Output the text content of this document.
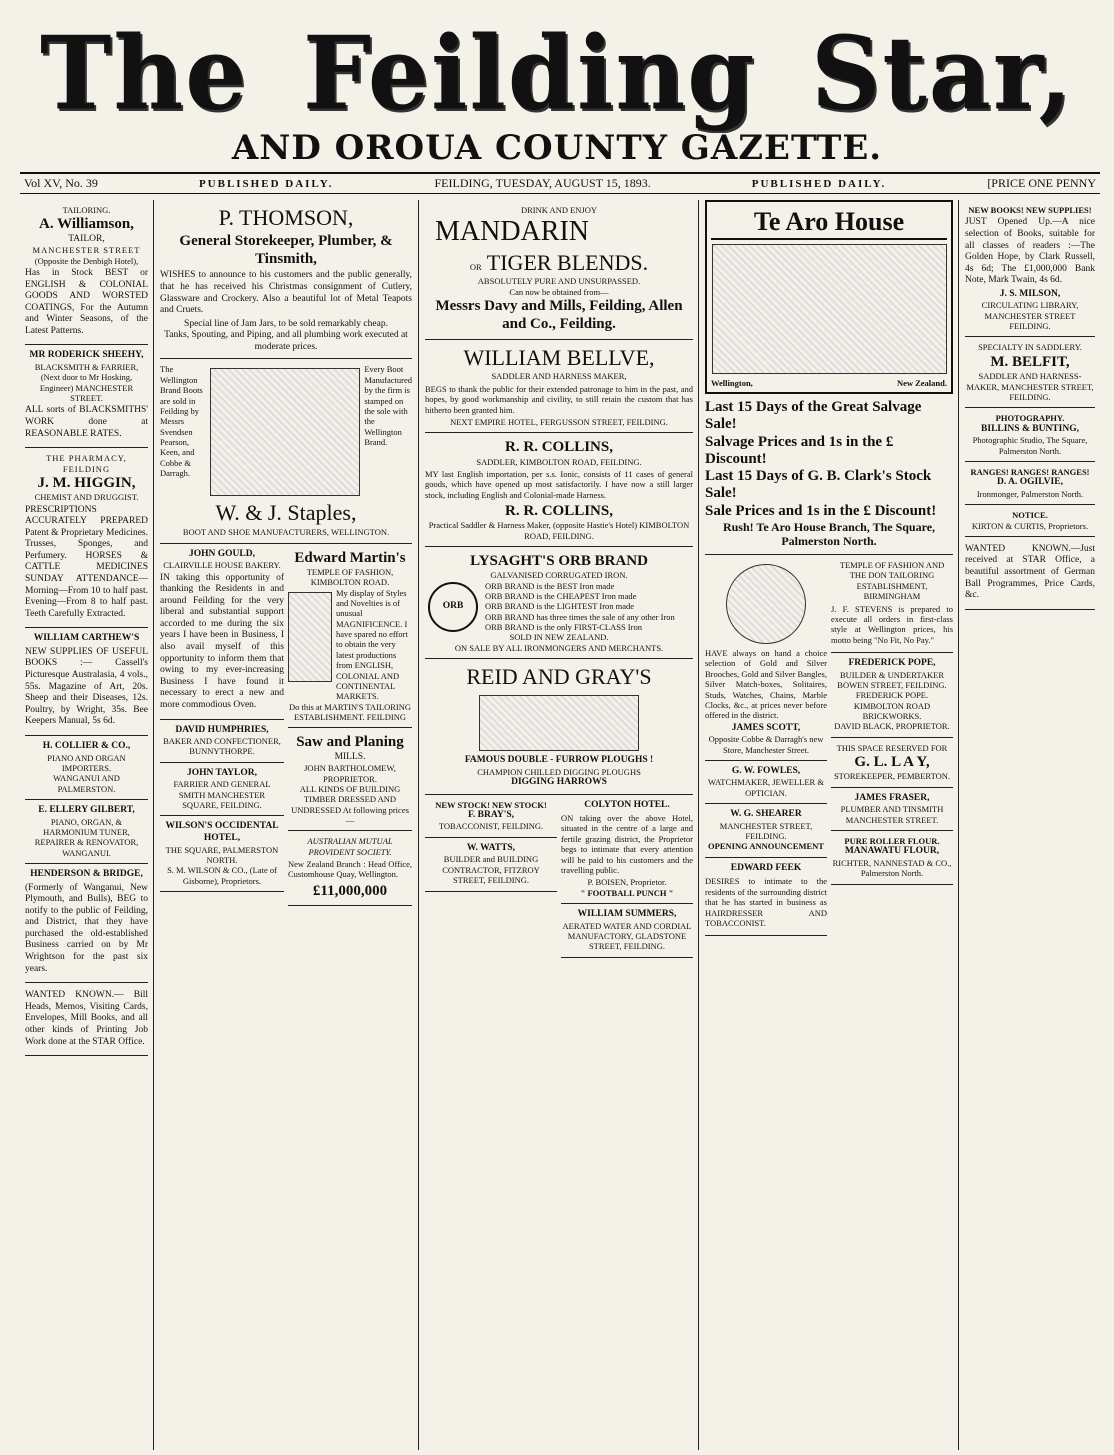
The Feilding Star,
AND OROUA COUNTY GAZETTE.
Vol XV, No. 39	PUBLISHED DAILY.	FEILDING, TUESDAY, AUGUST 15, 1893.	PUBLISHED DAILY.	[PRICE ONE PENNY
TAILORING.
A. Williamson,
TAILOR,
MANCHESTER STREET
(Opposite the Denbigh Hotel),

Has in Stock BEST or ENGLISH & COLONIAL GOODS AND WORSTED COATINGS, For the Autumn and Winter Seasons, of the Latest Patterns.

MR RODERICK SHEEHY,
BLACKSMITH & FARRIER,
(Next door to Mr Hosking, Engineer) MANCHESTER STREET.

ALL sorts of BLACKSMITHS' WORK done at REASONABLE RATES.

THE PHARMACY, FEILDING
J. M. HIGGIN,
CHEMIST AND DRUGGIST.

PRESCRIPTIONS ACCURATELY PREPARED Patent & Proprietary Medicines. Trusses, Sponges, and Perfumery. HORSES & CATTLE MEDICINES SUNDAY ATTENDANCE—Morning—From 10 to half past. Evening—From 8 to half past. Teeth Carefully Extracted.

WILLIAM CARTHEW'S

NEW SUPPLIES OF USEFUL BOOKS :— Cassell's Picturesque Australasia, 4 vols., 55s. Magazine of Art, 20s. Sheep and their Diseases, 12s. Poultry, by Wright, 35s. Bee Keepers Manual, 5s 6d.

H. COLLIER & CO.,
PIANO AND ORGAN IMPORTERS.
WANGANUI AND PALMERSTON.
E. ELLERY GILBERT,
PIANO, ORGAN, & HARMONIUM TUNER, REPAIRER & RENOVATOR, WANGANUI.
HENDERSON & BRIDGE,

(Formerly of Wanganui, New Plymouth, and Bulls), BEG to notify to the public of Feilding, and District, that they have purchased the old-established Business carried on by Mr Wrightson for the past six years.

WANTED KNOWN.— Bill Heads, Memos, Visiting Cards, Envelopes, Mill Books, and all other kinds of Printing Job Work done at the STAR Office.

P. THOMSON,
General Storekeeper, Plumber, & Tinsmith,

WISHES to announce to his customers and the public generally, that he has received his Christmas consignment of Cutlery, Glassware and Crockery. Also a beautiful lot of Metal Teapots and Cruets.

Special line of Jam Jars, to be sold remarkably cheap.
Tanks, Spouting, and Piping, and all plumbing work executed at moderate prices.
The Wellington Brand Boots are sold in Feilding by Messrs Svendsen Pearson, Keen, and Cobbe & Darragh.
Every Boot Manufactured by the firm is stamped on the sole with the Wellington Brand.
W. & J. Staples,
BOOT AND SHOE MANUFACTURERS, WELLINGTON.
JOHN GOULD,
CLAIRVILLE HOUSE BAKERY.

IN taking this opportunity of thanking the Residents in and around Feilding for the very liberal and substantial support accorded to me during the six years I have been in Business, I also avail myself of this opportunity to inform them that owing to my ever-increasing Business I have found it necessary to erect a new and more commodious Oven.

DAVID HUMPHRIES,
BAKER AND CONFECTIONER, BUNNYTHORPE.
JOHN TAYLOR,
FARRIER AND GENERAL SMITH MANCHESTER SQUARE, FEILDING.
WILSON'S OCCIDENTAL HOTEL,
THE SQUARE, PALMERSTON NORTH.
S. M. WILSON & CO., (Late of Gisborne), Proprietors.
Edward Martin's
TEMPLE OF FASHION, KIMBOLTON ROAD.
My display of Styles and Novelties is of unusual MAGNIFICENCE. I have spared no effort to obtain the very latest productions from ENGLISH, COLONIAL AND CONTINENTAL MARKETS.
Do this at MARTIN'S TAILORING ESTABLISHMENT. FEILDING
Saw and Planing
MILLS.
JOHN BARTHOLOMEW, PROPRIETOR.
ALL KINDS OF BUILDING TIMBER DRESSED AND UNDRESSED At following prices—
AUSTRALIAN MUTUAL PROVIDENT SOCIETY.

New Zealand Branch : Head Office, Customhouse Quay, Wellington.

£11,000,000
DRINK AND ENJOY
MANDARIN
OR TIGER BLENDS.
ABSOLUTELY PURE AND UNSURPASSED.
Can now be obtained from—
Messrs Davy and Mills, Feilding, Allen and Co., Feilding.
WILLIAM BELLVE,
SADDLER AND HARNESS MAKER,

BEGS to thank the public for their extended patronage to him in the past, and hopes, by good workmanship and civility, to still retain the custom that has hitherto been granted him.

NEXT EMPIRE HOTEL, FERGUSSON STREET, FEILDING.
R. R. COLLINS,
SADDLER, KIMBOLTON ROAD, FEILDING.

MY last English importation, per s.s. Ionic, consists of 11 cases of general goods, which have opened up most satisfactorily. I have now a still larger stock, including English and Colonial-made Harness.

R. R. COLLINS,
Practical Saddler & Harness Maker, (opposite Hastie's Hotel) KIMBOLTON ROAD, FEILDING.
LYSAGHT'S ORB BRAND
GALVANISED CORRUGATED IRON.
ORB

ORB BRAND is the BEST Iron made

ORB BRAND is the CHEAPEST Iron made

ORB BRAND is the LIGHTEST Iron made

ORB BRAND has three times the sale of any other Iron

ORB BRAND is the only FIRST-CLASS Iron

SOLD IN NEW ZEALAND.
ON SALE BY ALL IRONMONGERS AND MERCHANTS.
REID AND GRAY'S
FAMOUS DOUBLE - FURROW PLOUGHS !
CHAMPION CHILLED DIGGING PLOUGHS
DIGGING HARROWS
NEW STOCK! NEW STOCK!
F. BRAY'S,
TOBACCONIST, FEILDING.
W. WATTS,
BUILDER and BUILDING CONTRACTOR, FITZROY STREET, FEILDING.
COLYTON HOTEL.

ON taking over the above Hotel, situated in the centre of a large and fertile grazing district, the Proprietor begs to intimate that every attention will be paid to his customers and the travelling public.

P. BOISEN, Proprietor.
" FOOTBALL PUNCH "
WILLIAM SUMMERS,
AERATED WATER AND CORDIAL MANUFACTORY, GLADSTONE STREET, FEILDING.
Te Aro House
Wellington,	New Zealand.
Last 15 Days of the Great Salvage Sale!
Salvage Prices and 1s in the £ Discount!
Last 15 Days of G. B. Clark's Stock Sale!
Sale Prices and 1s in the £ Discount!
Rush! Te Aro House Branch, The Square, Palmerston North.

HAVE always on hand a choice selection of Gold and Silver Brooches, Gold and Silver Bangles, Silver Match-boxes, Solitaires, Studs, Watches, Chains, Marble Clocks, &c., at prices never before offered in the district.

JAMES SCOTT,
Opposite Cobbe & Darragh's new Store, Manchester Street.
G. W. FOWLES,
WATCHMAKER, JEWELLER & OPTICIAN.
W. G. SHEARER
MANCHESTER STREET, FEILDING.
OPENING ANNOUNCEMENT
EDWARD FEEK

DESIRES to intimate to the residents of the surrounding district that he has started in business as HAIRDRESSER AND TOBACCONIST.

TEMPLE OF FASHION AND THE DON TAILORING ESTABLISHMENT, BIRMINGHAM

J. F. STEVENS is prepared to execute all orders in first-class style at Wellington prices, his motto being "No Fit, No Pay."

FREDERICK POPE,
BUILDER & UNDERTAKER BOWEN STREET, FEILDING.
FREDERICK POPE. KIMBOLTON ROAD BRICKWORKS.
DAVID BLACK, PROPRIETOR.
THIS SPACE RESERVED FOR
G. L. L A Y,
STOREKEEPER, PEMBERTON.
JAMES FRASER,
PLUMBER AND TINSMITH MANCHESTER STREET.
PURE ROLLER FLOUR.
MANAWATU FLOUR,
RICHTER, NANNESTAD & CO., Palmerston North.
NEW BOOKS! NEW SUPPLIES!

JUST Opened Up.—A nice selection of Books, suitable for all classes of readers :—The Golden Hope, by Clark Russell, 4s 6d; The £1,000,000 Bank Note, Mark Twain, 4s 6d.

J. S. MILSON,
CIRCULATING LIBRARY, MANCHESTER STREET FEILDING.
SPECIALTY IN SADDLERY.
M. BELFIT,
SADDLER AND HARNESS-MAKER, MANCHESTER STREET, FEILDING.
PHOTOGRAPHY.
BILLINS & BUNTING,
Photographic Studio, The Square, Palmerston North.
RANGES! RANGES! RANGES!
D. A. OGILVIE,
Ironmonger, Palmerston North.
NOTICE.
KIRTON & CURTIS, Proprietors.

WANTED KNOWN.—Just received at STAR Office, a beautiful assortment of German Ball Programmes, Price Cards, &c.
